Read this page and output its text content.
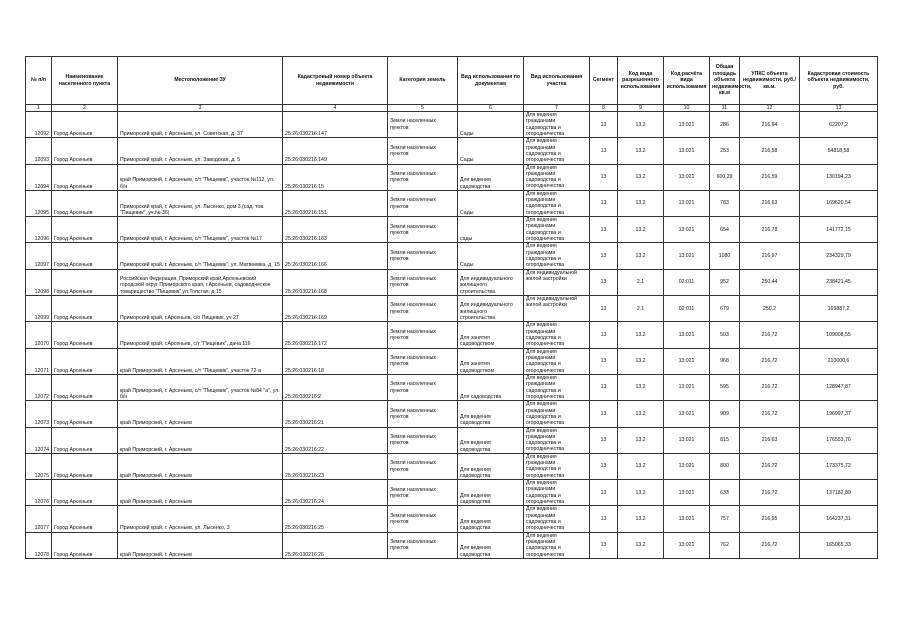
№ п/п	Наименование населенного пункта	Местоположение ЗУ	Кадастровый номер объекта недвижимости	Категория земель	Вид использования по документам	Вид использования участка	Сегмент	Код вида разрешенного использования	Код расчёта вида использования	Общая площадь объекта недвижимости, кв.м	УПКС объекта недвижимости, руб./кв.м.	Кадастровая стоимость объекта недвижимости, руб.
1	2	3	4	5	6	7	8	9	10	11	12	13
12092	Город Арсеньев	Приморский край, г. Арсеньев, ул. Советская, д. 37	25:26:030216:147	Земли населенных пунктов	Сады	Для ведения гражданами садоводства и огородничества	13	13.2	13:021	286	216,64	62207,2
12093	Город Арсеньев	Приморский край, г. Арсеньев, ул. Заводская, д. 5	25:26:030216:149	Земли населенных пунктов	Сады	Для ведения гражданами садоводства и огородничества	13	13.2	13:021	253	216,58	54818,58
12094	Город Арсеньев	край Приморский, г. Арсеньев, с/т "Пищевик", участок №112, ул. б/н	25:26:030216:15	Земли населенных пунктов	Для ведения садоводства	Для ведения гражданами садоводства и огородничества	13	13.2	13:021	600,29	216,59	130194,23
12095	Город Арсеньев	Приморский край, г. Арсеньев, ул. Лысенко, дом 3 (сад. тов. "Пищевик", уч.№ 36)	25:26:030216:151	Земли населенных пунктов	Сады	Для ведения гражданами садоводства и огородничества	13	13.2	13:021	783	216,63	169620,54
12096	Город Арсеньев	Приморский край, г. Арсеньев, с/т "Пищевик", участок №17	25:26:030216:163	Земли населенных пунктов	сады	Для ведения гражданами садоводства и огородничества	13	13.2	13:021	654	216,78	141772,15
12097	Город Арсеньев	Приморский край, г. Арсеньев, с/т "Пищевик", ул. Матвеевка, д. 15	25:26:030216:166	Земли населенных пунктов	Сады	Для ведения гражданами садоводства и огородничества	13	13.2	13:021	1080	216,97	234329,79
12098	Город Арсеньев	Российская Федерация, Приморский край,Арсеньевский городской округ Приморского края, г.Арсеньев, садоводческое товарищество "Пищевик" ул.Толстая, д.15	25:26:030216:168	Земли населенных пунктов	Для индивидуального жилищного строительства	Для индивидуальной жилой застройки	13	2.1	02:011	952	250,44	238421,45
12099	Город Арсеньев	Приморский край, г.Арсеньев, с/о Пищевик, уч 27	25:26:030216:169	Земли населенных пунктов	Для индивидуального жилищного строительства	Для индивидуальной жилой застройки	13	2.1	02:011	679	250,2	169887,2
12070	Город Арсеньев	Приморский край, г.Арсеньев, с/т "Пищевик", дача 116	25:26:030216:172	Земли населенных пунктов	Для занятия садоводством	Для ведения гражданами садоводства и огородничества	13	13.2	13:021	503	216,72	109008,55
12071	Город Арсеньев	край Приморский, г. Арсеньев, с/т "Пищевик", участок 72-а	25:26:030216:18	Земли населенных пунктов	Для занятия садоводством	Для ведения гражданами садоводства и огородничества	13	13.2	13:021	968	216,72	210000,6
12072	Город Арсеньев	край Приморский, г. Арсеньев, с/т "Пищевик", участок №84 "а", ул. б/н	25:26:030216:2	Земли населенных пунктов	Для садоводства	Для ведения гражданами садоводства и огородничества	13	13.2	13:021	595	216,72	128947,87
12073	Город Арсеньев	край Приморский, г. Арсеньев	25:26:030216:21	Земли населенных пунктов	Для ведения садоводства	Для ведения гражданами садоводства и огородничества	13	13.2	13:021	909	216,72	196997,37
12074	Город Арсеньев	край Приморский, г. Арсеньев	25:26:030216:22	Земли населенных пунктов	Для ведения садоводства	Для ведения гражданами садоводства и огородничества	13	13.2	13:021	815	216,63	176553,76
12075	Город Арсеньев	край Приморский, г. Арсеньев	25:26:030216:23	Земли населенных пунктов	Для ведения садоводства	Для ведения гражданами садоводства и огородничества	13	13.2	13:021	800	216,72	173375,72
12076	Город Арсеньев	край Приморский, г. Арсеньев	25:26:030216:24	Земли населенных пунктов	Для ведения садоводства	Для ведения гражданами садоводства и огородничества	13	13.2	13:021	633	216,72	137182,89
12077	Город Арсеньев	Приморский край, г. Арсеньев, ул. Лысенко, 3	25:26:030216:25	Земли населенных пунктов	Для ведения садоводства	Для ведения гражданами садоводства и огородничества	13	13.2	13:021	757	216,95	164237,31
12078	Город Арсеньев	край Приморский, г. Арсеньев	25:26:030216:26	Земли населенных пунктов	Для ведения садоводства	Для ведения гражданами садоводства и огородничества	13	13.2	13:021	762	216,72	165065,33
